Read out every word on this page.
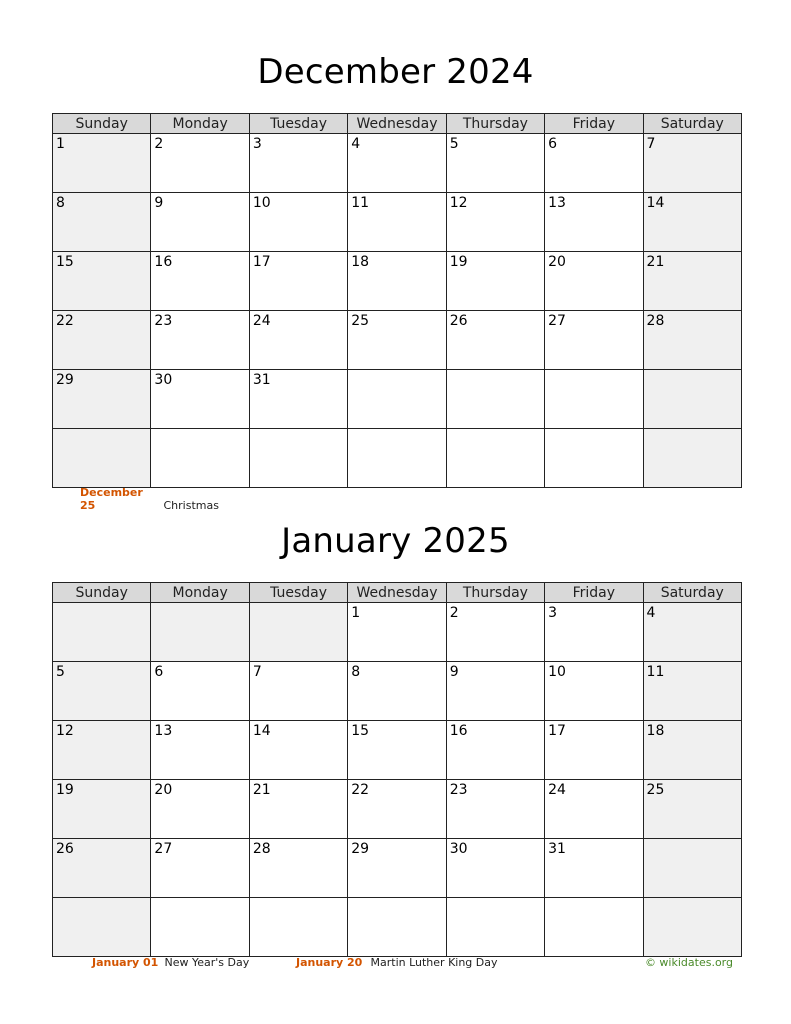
December 2024
Sunday	Monday	Tuesday	Wednesday	Thursday	Friday	Saturday
1	2	3	4	5	6	7
8	9	10	11	12	13	14
15	16	17	18	19	20	21
22	23	24	25	26	27	28
29	30	31				

December 25	Christmas
January 2025
Sunday	Monday	Tuesday	Wednesday	Thursday	Friday	Saturday
			1	2	3	4
5	6	7	8	9	10	11
12	13	14	15	16	17	18
19	20	21	22	23	24	25
26	27	28	29	30	31	

January 01 New Year's Day	January 20 Martin Luther King Day	© wikidates.org
